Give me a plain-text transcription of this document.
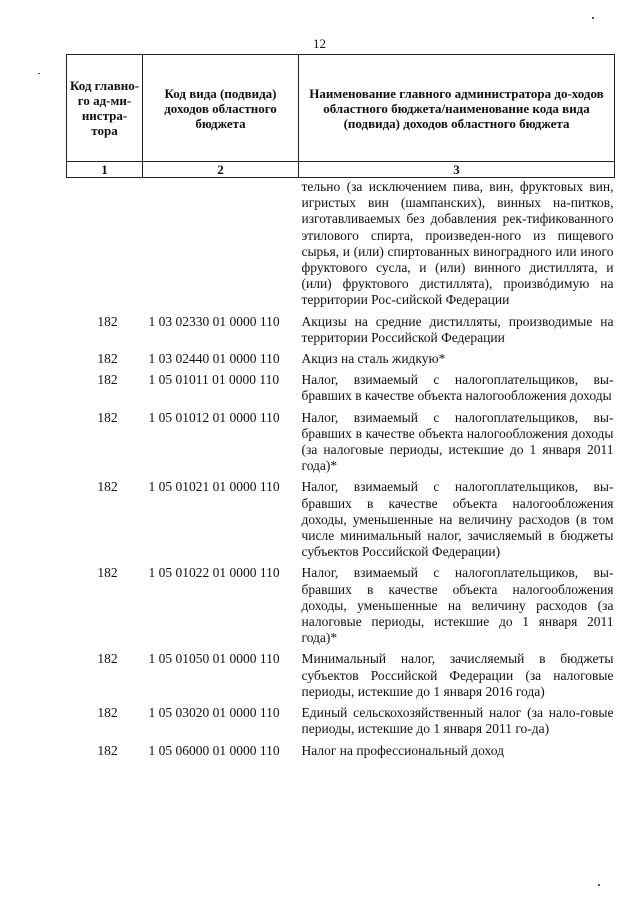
12
Код главно-го ад-ми-нистра-тора	Код вида (подвида) доходов областного бюджета	Наименование главного администратора до-ходов областного бюджета/наименование кода вида (подвида) доходов областного бюджета
1	2	3
		тельно (за исключением пива, вин, фруктовых вин, игристых вин (шампанских), винных на-питков, изготавливаемых без добавления рек-тификованного этилового спирта, произведен-ного из пищевого сырья, и (или) спиртованных виноградного или иного фруктового сусла, и (или) винного дистиллята, и (или) фруктового дистиллята), произвóдимую на территории Рос-сийской Федерации
182	1 03 02330 01 0000 110	Акцизы на средние дистилляты, производимые на территории Российской Федерации
182	1 03 02440 01 0000 110	Акциз на сталь жидкую*
182	1 05 01011 01 0000 110	Налог, взимаемый с налогоплательщиков, вы-бравших в качестве объекта налогообложения доходы
182	1 05 01012 01 0000 110	Налог, взимаемый с налогоплательщиков, вы-бравших в качестве объекта налогообложения доходы (за налоговые периоды, истекшие до 1 января 2011 года)*
182	1 05 01021 01 0000 110	Налог, взимаемый с налогоплательщиков, вы-бравших в качестве объекта налогообложения доходы, уменьшенные на величину расходов (в том числе минимальный налог, зачисляемый в бюджеты субъектов Российской Федерации)
182	1 05 01022 01 0000 110	Налог, взимаемый с налогоплательщиков, вы-бравших в качестве объекта налогообложения доходы, уменьшенные на величину расходов (за налоговые периоды, истекшие до 1 января 2011 года)*
182	1 05 01050 01 0000 110	Минимальный налог, зачисляемый в бюджеты субъектов Российской Федерации (за налоговые периоды, истекшие до 1 января 2016 года)
182	1 05 03020 01 0000 110	Единый сельскохозяйственный налог (за нало-говые периоды, истекшие до 1 января 2011 го-да)
182	1 05 06000 01 0000 110	Налог на профессиональный доход
